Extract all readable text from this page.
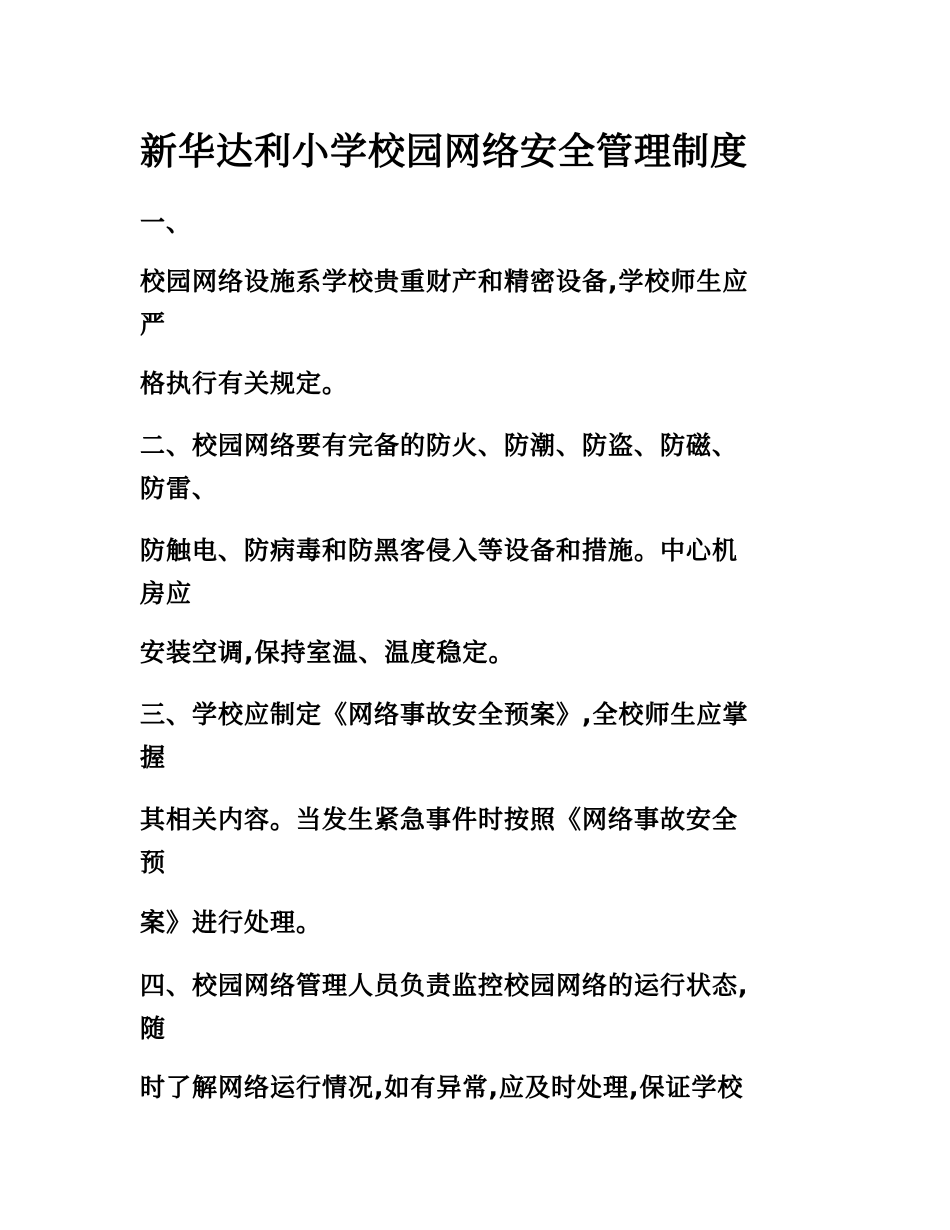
新华达利小学校园网络安全管理制度

一、

校园网络设施系学校贵重财产和精密设备,学校师生应

严

格执行有关规定。

二、校园网络要有完备的防火、防潮、防盗、防磁、

防雷、

防触电、防病毒和防黑客侵入等设备和措施。中心机

房应

安装空调,保持室温、温度稳定。

三、学校应制定《网络事故安全预案》,全校师生应掌

握

其相关内容。当发生紧急事件时按照《网络事故安全

预

案》进行处理。

四、校园网络管理人员负责监控校园网络的运行状态,

随

时了解网络运行情况,如有异常,应及时处理,保证学校
